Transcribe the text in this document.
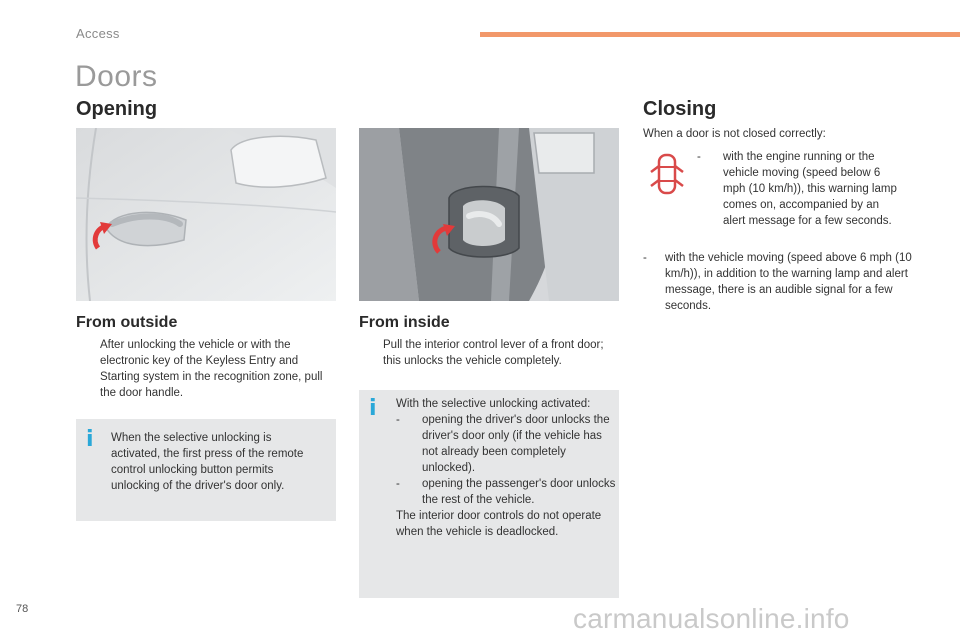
Access
Doors
Opening	Closing
From outside
After unlocking the vehicle or with the electronic key of the Keyless Entry and Starting system in the recognition zone, pull the door handle.
i When the selective unlocking is activated, the first press of the remote control unlocking button permits unlocking of the driver's door only.
From inside
Pull the interior control lever of a front door; this unlocks the vehicle completely.
i With the selective unlocking activated:
-	opening the driver's door unlocks the driver's door only (if the vehicle has not already been completely unlocked).
-	opening the passenger's door unlocks the rest of the vehicle.
The interior door controls do not operate when the vehicle is deadlocked.
When a door is not closed correctly:
-	with the engine running or the vehicle moving (speed below 6 mph (10 km/h)), this warning lamp comes on, accompanied by an alert message for a few seconds.
-	with the vehicle moving (speed above 6 mph (10 km/h)), in addition to the warning lamp and alert message, there is an audible signal for a few seconds.
78	carmanualsonline.info
